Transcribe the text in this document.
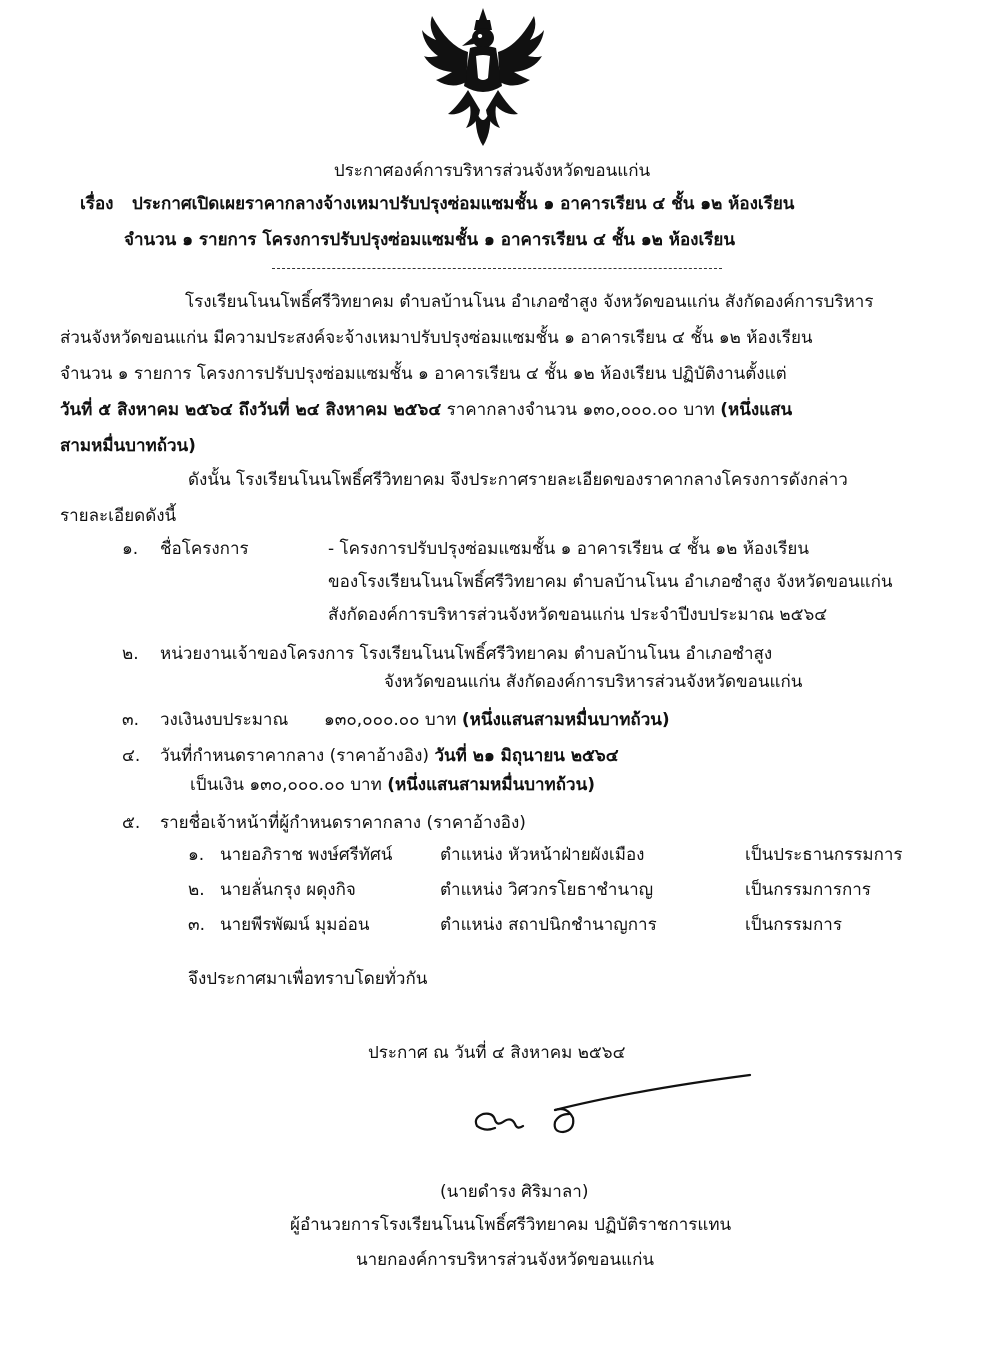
ประกาศองค์การบริหารส่วนจังหวัดขอนแก่น
เรื่อง ประกาศเปิดเผยราคากลางจ้างเหมาปรับปรุงซ่อมแซมชั้น ๑ อาคารเรียน ๔ ชั้น ๑๒ ห้องเรียน
จำนวน ๑ รายการ โครงการปรับปรุงซ่อมแซมชั้น ๑ อาคารเรียน ๔ ชั้น ๑๒ ห้องเรียน
โรงเรียนโนนโพธิ์ศรีวิทยาคม ตำบลบ้านโนน อำเภอซำสูง จังหวัดขอนแก่น สังกัดองค์การบริหาร
ส่วนจังหวัดขอนแก่น มีความประสงค์จะจ้างเหมาปรับปรุงซ่อมแซมชั้น ๑ อาคารเรียน ๔ ชั้น ๑๒ ห้องเรียน
จำนวน ๑ รายการ โครงการปรับปรุงซ่อมแซมชั้น ๑ อาคารเรียน ๔ ชั้น ๑๒ ห้องเรียน ปฏิบัติงานตั้งแต่
วันที่ ๕ สิงหาคม ๒๕๖๔ ถึงวันที่ ๒๔ สิงหาคม ๒๕๖๔ ราคากลางจำนวน ๑๓๐,๐๐๐.๐๐ บาท (หนึ่งแสน
สามหมื่นบาทถ้วน)
ดังนั้น โรงเรียนโนนโพธิ์ศรีวิทยาคม จึงประกาศรายละเอียดของราคากลางโครงการดังกล่าว
รายละเอียดดังนี้
๑. ชื่อโครงการ	- โครงการปรับปรุงซ่อมแซมชั้น ๑ อาคารเรียน ๔ ชั้น ๑๒ ห้องเรียน
ของโรงเรียนโนนโพธิ์ศรีวิทยาคม ตำบลบ้านโนน อำเภอซำสูง จังหวัดขอนแก่น
สังกัดองค์การบริหารส่วนจังหวัดขอนแก่น ประจำปีงบประมาณ ๒๕๖๔
๒. หน่วยงานเจ้าของโครงการ โรงเรียนโนนโพธิ์ศรีวิทยาคม ตำบลบ้านโนน อำเภอซำสูง
จังหวัดขอนแก่น สังกัดองค์การบริหารส่วนจังหวัดขอนแก่น
๓. วงเงินงบประมาณ ๑๓๐,๐๐๐.๐๐ บาท (หนึ่งแสนสามหมื่นบาทถ้วน)
๔. วันที่กำหนดราคากลาง (ราคาอ้างอิง) วันที่ ๒๑ มิถุนายน ๒๕๖๔
เป็นเงิน ๑๓๐,๐๐๐.๐๐ บาท (หนึ่งแสนสามหมื่นบาทถ้วน)
๕. รายชื่อเจ้าหน้าที่ผู้กำหนดราคากลาง (ราคาอ้างอิง)
๑. นายอภิราช พงษ์ศรีทัศน์	ตำแหน่ง หัวหน้าฝ่ายผังเมือง	เป็นประธานกรรมการ
๒. นายลั่นกรุง ผดุงกิจ	ตำแหน่ง วิศวกรโยธาชำนาญ	เป็นกรรมการการ
๓. นายพีรพัฒน์ มุมอ่อน	ตำแหน่ง สถาปนิกชำนาญการ	เป็นกรรมการ
จึงประกาศมาเพื่อทราบโดยทั่วกัน
ประกาศ ณ วันที่ ๔ สิงหาคม ๒๕๖๔
(นายดำรง ศิริมาลา)
ผู้อำนวยการโรงเรียนโนนโพธิ์ศรีวิทยาคม ปฏิบัติราชการแทน
นายกองค์การบริหารส่วนจังหวัดขอนแก่น
